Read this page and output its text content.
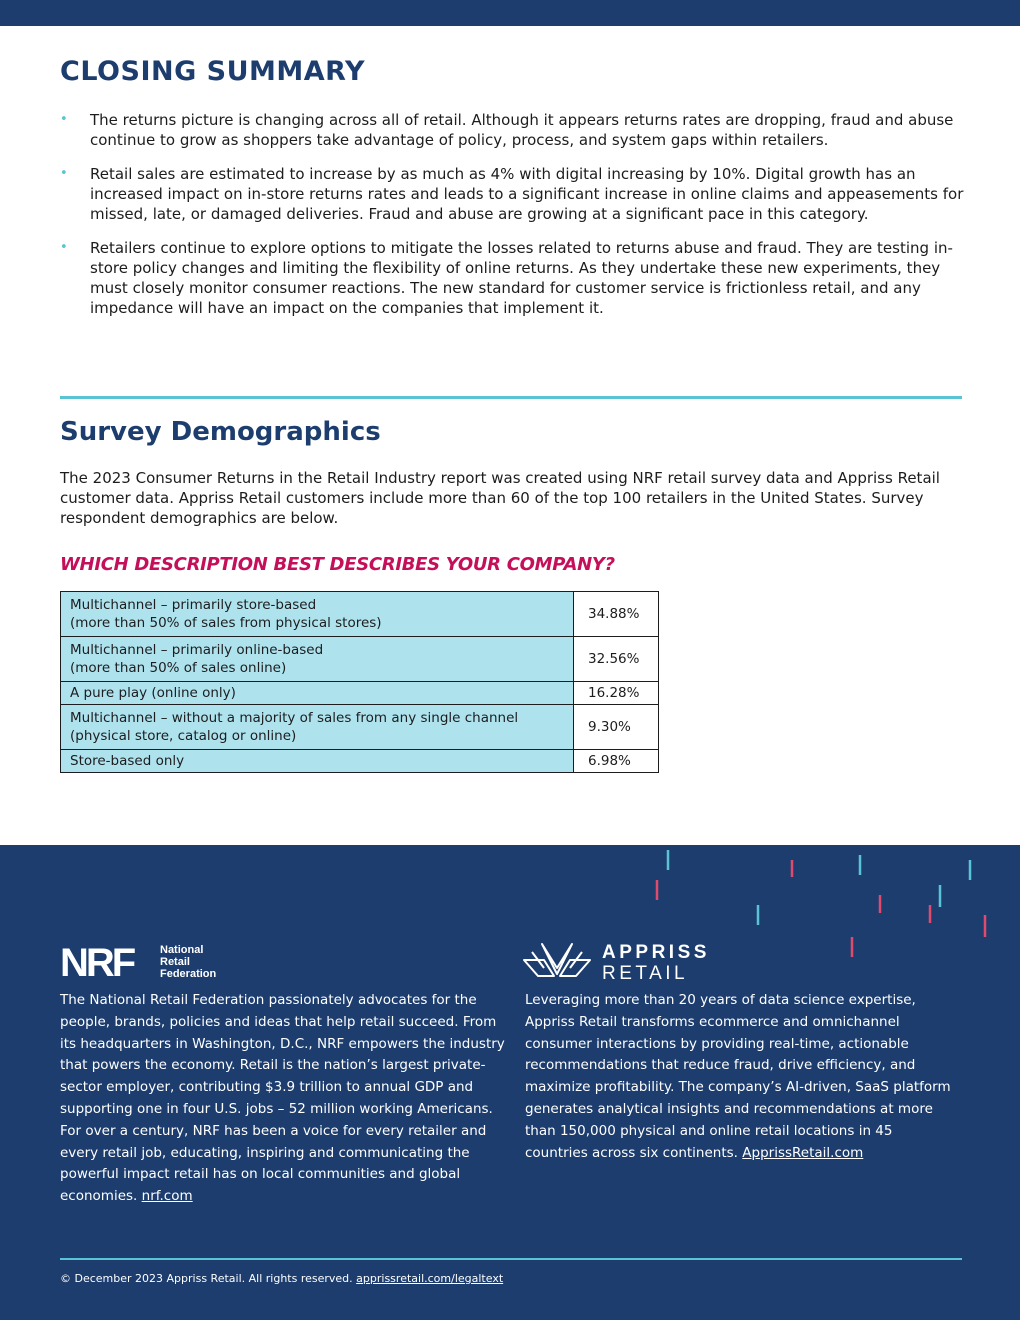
CLOSING SUMMARY
• The returns picture is changing across all of retail. Although it appears returns rates are dropping, fraud and abuse continue to grow as shoppers take advantage of policy, process, and system gaps within retailers.
• Retail sales are estimated to increase by as much as 4% with digital increasing by 10%. Digital growth has an increased impact on in-store returns rates and leads to a significant increase in online claims and appeasements for missed, late, or damaged deliveries. Fraud and abuse are growing at a significant pace in this category.
• Retailers continue to explore options to mitigate the losses related to returns abuse and fraud. They are testing in-store policy changes and limiting the flexibility of online returns. As they undertake these new experiments, they must closely monitor consumer reactions. The new standard for customer service is frictionless retail, and any impedance will have an impact on the companies that implement it.
Survey Demographics

The 2023 Consumer Returns in the Retail Industry report was created using NRF retail survey data and Appriss Retail customer data. Appriss Retail customers include more than 60 of the top 100 retailers in the United States. Survey respondent demographics are below.

WHICH DESCRIPTION BEST DESCRIBES YOUR COMPANY?
Multichannel – primarily store-based
(more than 50% of sales from physical stores)	34.88%

Multichannel – primarily online-based
(more than 50% of sales online)	32.56%

A pure play (online only)	16.28%

Multichannel – without a majority of sales from any single channel
(physical store, catalog or online)	9.30%

Store-based only	6.98%
NRF National
Retail
Federation

The National Retail Federation passionately advocates for the people, brands, policies and ideas that help retail succeed. From its headquarters in Washington, D.C., NRF empowers the industry that powers the economy. Retail is the nation’s largest private-sector employer, contributing $3.9 trillion to annual GDP and supporting one in four U.S. jobs – 52 million working Americans. For over a century, NRF has been a voice for every retailer and every retail job, educating, inspiring and communicating the powerful impact retail has on local communities and global economies. nrf.com

APPRISS
RETAIL

Leveraging more than 20 years of data science expertise, Appriss Retail transforms ecommerce and omnichannel consumer interactions by providing real-time, actionable recommendations that reduce fraud, drive efficiency, and maximize profitability. The company’s AI-driven, SaaS platform generates analytical insights and recommendations at more than 150,000 physical and online retail locations in 45 countries across six continents. ApprissRetail.com

© December 2023 Appriss Retail. All rights reserved. apprissretail.com/legaltext
